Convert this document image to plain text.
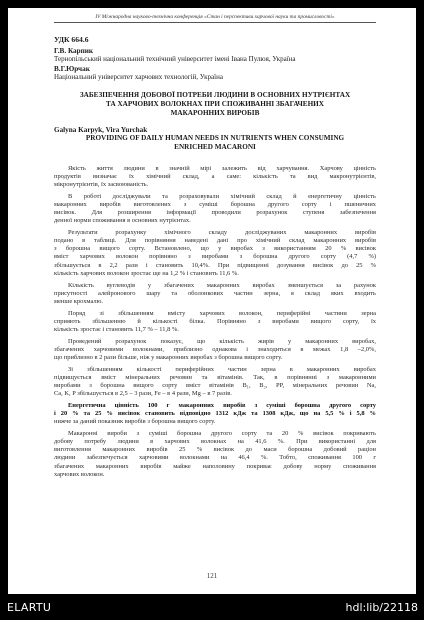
IV Міжнародна науково-технічна конференція «Стан і перспективи харчової науки та промисловості»
УДК 664.6
Г.В. Карпик
Тернопільський національний технічний університет імені Івана Пулюя, Україна
В.Г.Юрчак
Національний університет харчових технологій, Україна
ЗАБЕЗПЕЧЕННЯ ДОБОВОЇ ПОТРЕБИ ЛЮДИНИ В ОСНОВНИХ НУТРІЄНТАХ
ТА ХАРЧОВИХ ВОЛОКНАХ ПРИ СПОЖИВАННІ ЗБАГАЧЕНИХ
МАКАРОННИХ ВИРОБІВ
Galyna Karpyk, Vira Yurchak
PROVIDING OF DAILY HUMAN NEEDS IN NUTRIENTS WHEN CONSUMING
ENRICHED MACARONI
Якість життя людини в значній мірі залежить від харчування. Харчову цінність
продуктів визначає їх хімічний склад, а саме: кількість та вид макронутрієнтів,
мікронутрієнтів, їх засвоюваність.
В роботі досліджували та розраховували хімічний склад й енергетичну цінність
макаронних виробів виготовлених з суміші борошна другого сорту і пшеничних
висівок. Для розширення інформації проводили розрахунок ступеня забезпечення
денної норми споживання в основних нутрієнтах.
Результати розрахунку хімічного складу досліджуваних макаронних виробів
подано в таблиці. Для порівняння наведені дані про хімічний склад макаронних виробів
з борошна вищого сорту. Встановлено, що у виробах з використанням 20 % висівок
вміст харчових волокон порівняно з виробами з борошна другого сорту (4,7 %)
збільшується в 2,2 рази і становить 10,4%. При підвищенні дозування висівок до 25 %
кількість харчових волокон зростає ще на 1,2 % і становить 11,6 %.
Кількість вуглеводів у збагачених макаронних виробах зменшується за рахунок
присутності алейронового шару та оболонкових частин зерна, я склад яких входить
менше крохмалю.
Поряд зі збільшенням вмісту харчових волокон, периферійні частини зерна
сприяють збільшенню й кількості білка. Порівняно з виробами вищого сорту, їх
кількість зростає і становить 11,7 % – 11,8 %.
Проведений розрахунок показує, що кількість жирів у макаронних виробах,
збагачених харчовими волокнами, приблизно однакова і знаходиться в межах 1,8 –2,0%,
що приблизно в 2 рази більше, ніж у макаронних виробах з борошна вищого сорту.
Зі збільшенням кількості периферійних частин зерна в макаронних виробах
підвищується вміст мінеральних речовин та вітамінів. Так, в порівнянні з макаронними
виробами з борошна вищого сорту вміст вітамінів B₁, B₂, PP, мінеральних речовин Na,
Ca, K, P збільшується в 2,5 – 3 рази, Fe – в 4 рази, Mg – в 7 разів.
Енергетична цінність 100 г макаронних виробів з суміші борошна другого сорту
і 20 % та 25 % висівок становить відповідно 1312 кДж та 1308 кДж, що на 5,5 % і 5,8 %
нижче за даний показник виробів з борошна вищого сорту.
Макаронні вироби з суміші борошна другого сорту та 20 % висівок покривають
добову потребу людини в харчових волокнах на 41,6 %. При використанні для
виготовлення макаронних виробів 25 % висівок до маси борошна добовий раціон
людини забезпечується харчовими волокнами на 46,4 %. Тобто, споживання 100 г
збагачених макаронних виробів майже наполовину покриває добову норму споживання
харчових волокон.
121
ELARTU	hdl:lib/22118
